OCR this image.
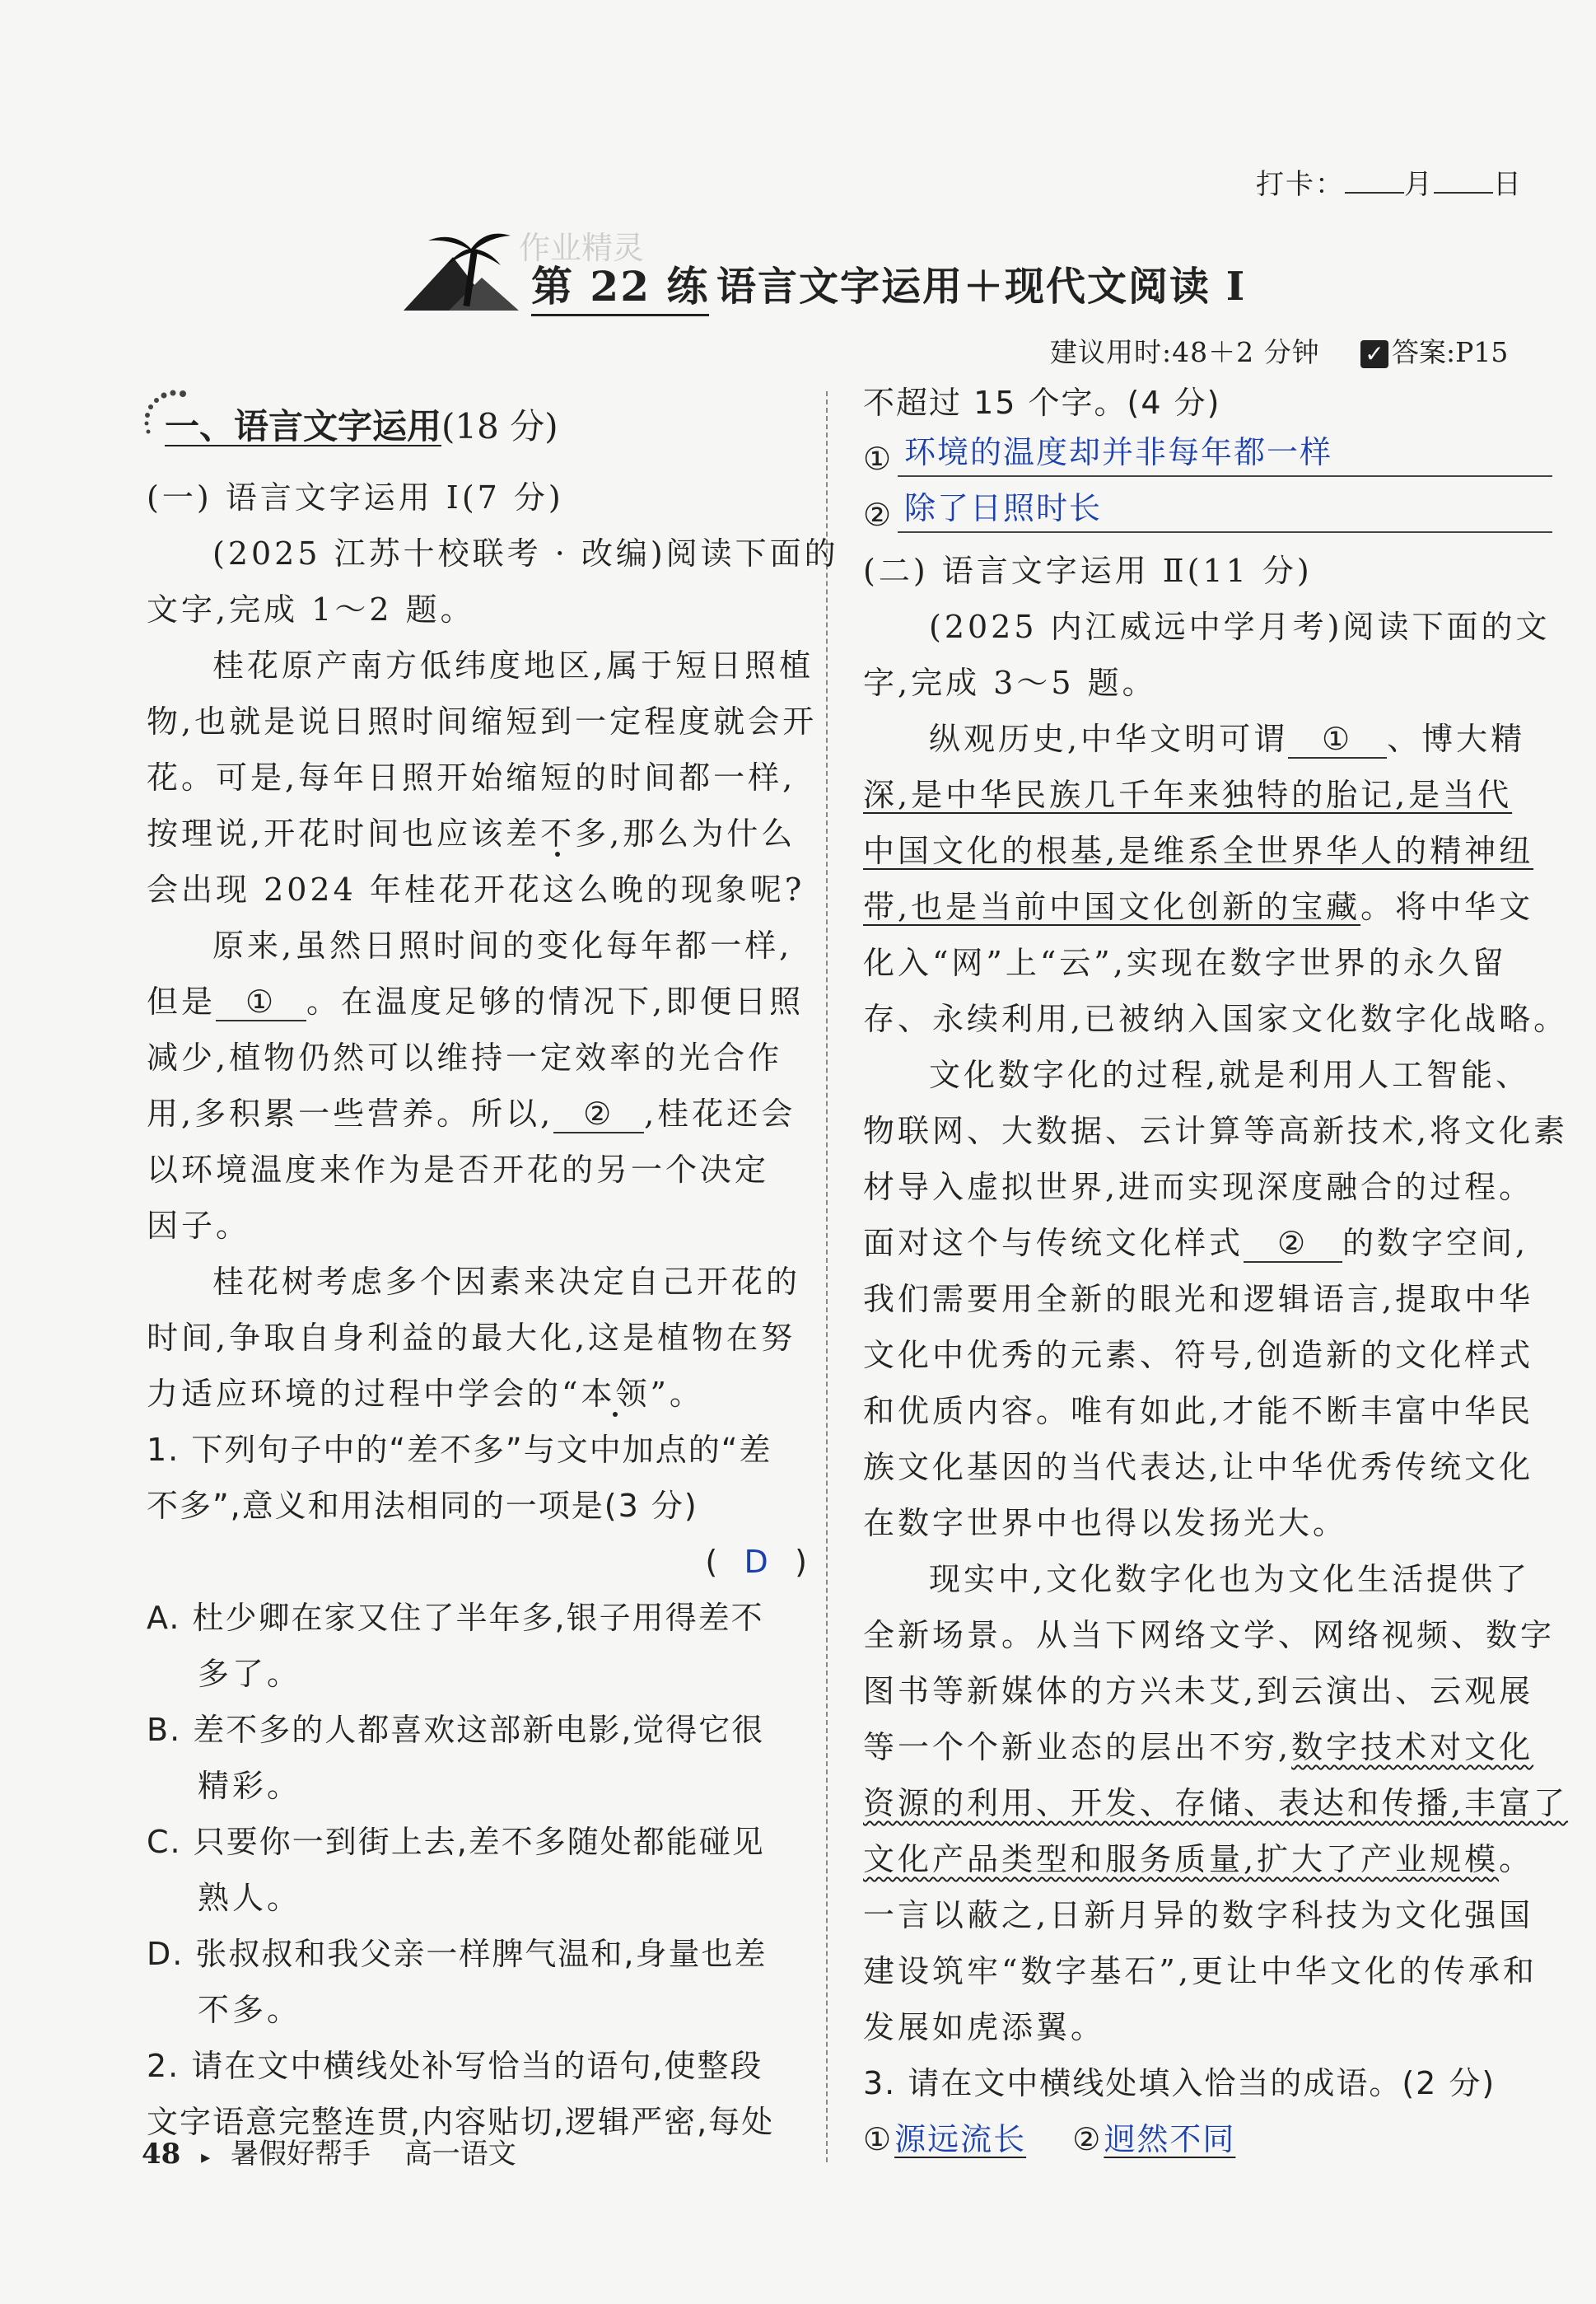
打卡： 月 日
作业精灵
第 22 练 语言文字运用＋现代文阅读 Ⅰ
建议用时:48＋2 分钟 ✓ 答案:P15
一、语言文字运用(18 分)
(一) 语言文字运用 Ⅰ(7 分)
(2025 江苏十校联考 · 改编)阅读下面的
文字,完成 1～2 题。
桂花原产南方低纬度地区,属于短日照植
物,也就是说日照时间缩短到一定程度就会开
花。可是,每年日照开始缩短的时间都一样,
按理说,开花时间也应该差不多,那么为什么
会出现 2024 年桂花开花这么晚的现象呢?
原来,虽然日照时间的变化每年都一样,
但是 ① 。在温度足够的情况下,即便日照
减少,植物仍然可以维持一定效率的光合作
用,多积累一些营养。所以, ② ,桂花还会
以环境温度来作为是否开花的另一个决定
因子。
桂花树考虑多个因素来决定自己开花的
时间,争取自身利益的最大化,这是植物在努
力适应环境的过程中学会的“本领”。
1. 下列句子中的“差不多”与文中加点的“差
不多”,意义和用法相同的一项是(3 分)
( D )
A. 杜少卿在家又住了半年多,银子用得差不
多了。
B. 差不多的人都喜欢这部新电影,觉得它很
精彩。
C. 只要你一到街上去,差不多随处都能碰见
熟人。
D. 张叔叔和我父亲一样脾气温和,身量也差
不多。
2. 请在文中横线处补写恰当的语句,使整段
文字语意完整连贯,内容贴切,逻辑严密,每处
不超过 15 个字。(4 分)
① 环境的温度却并非每年都一样
② 除了日照时长
(二) 语言文字运用 Ⅱ(11 分)
(2025 内江威远中学月考)阅读下面的文
字,完成 3～5 题。
纵观历史,中华文明可谓 ① 、博大精
深,是中华民族几千年来独特的胎记,是当代
中国文化的根基,是维系全世界华人的精神纽
带,也是当前中国文化创新的宝藏。将中华文
化入“网”上“云”,实现在数字世界的永久留
存、永续利用,已被纳入国家文化数字化战略。
文化数字化的过程,就是利用人工智能、
物联网、大数据、云计算等高新技术,将文化素
材导入虚拟世界,进而实现深度融合的过程。
面对这个与传统文化样式 ② 的数字空间,
我们需要用全新的眼光和逻辑语言,提取中华
文化中优秀的元素、符号,创造新的文化样式
和优质内容。唯有如此,才能不断丰富中华民
族文化基因的当代表达,让中华优秀传统文化
在数字世界中也得以发扬光大。
现实中,文化数字化也为文化生活提供了
全新场景。从当下网络文学、网络视频、数字
图书等新媒体的方兴未艾,到云演出、云观展
等一个个新业态的层出不穷,数字技术对文化
资源的利用、开发、存储、表达和传播,丰富了
文化产品类型和服务质量,扩大了产业规模。
一言以蔽之,日新月异的数字科技为文化强国
建设筑牢“数字基石”,更让中华文化的传承和
发展如虎添翼。
3. 请在文中横线处填入恰当的成语。(2 分)
①源远流长 ②迥然不同
48 ▸ 暑假好帮手 高一语文
